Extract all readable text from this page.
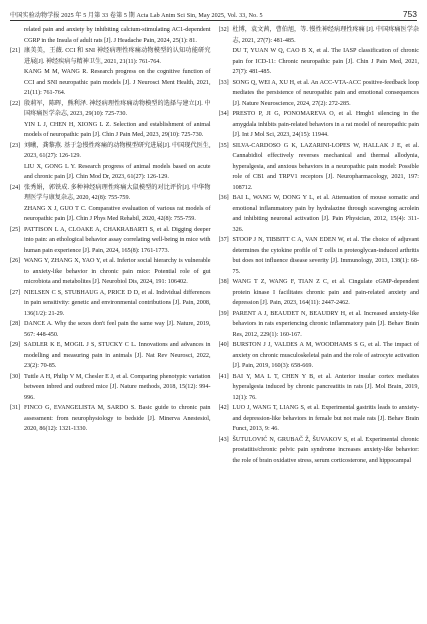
中国实验动物学报 2025 年 5 月第 33 卷第 5 期 Acta Lab Anim Sci Sin, May 2025, Vol. 33, No. 5	753
related pain and anxiety by inhibiting calcium-stimulating AC1-dependent CGRP in the Insula of adult rats [J]. J Headache Pain, 2024, 25(1): 81.
[21] 康美美，王薇. CCI 和 SNI 神经病理性疼痛动物模型的认知功能研究进展[J]. 神经疾病与精神卫生, 2021, 21(11): 761-764.
KANG M M, WANG R. Research progress on the cognitive function of CCI and SNI neuropathic pain models [J]. J Neurosci Ment Health, 2021, 21(11): 761-764.
[22] 殷莉军，陈晖，熊利泽. 神经病理性疼痛动物模型的选择与建立[J]. 中国疼痛医学杂志, 2023, 29(10): 725-730.
YIN L J, CHEN H, XIONG L Z. Selection and establishment of animal models of neuropathic pain [J]. Chin J Pain Med, 2023, 29(10): 725-730.
[23] 刘曦，龚黎燕. 基于急慢性疼痛的动物模型研究进展[J]. 中国现代医生, 2023, 61(27): 126-129.
LIU X, GONG L Y. Research progress of animal models based on acute and chronic pain [J]. Chin Mod Dr, 2023, 61(27): 126-129.
[24] 张秀娟，郭铁成. 多种神经病理性疼痛大鼠模型的对比评价[J]. 中华物理医学与康复杂志, 2020, 42(8): 755-759.
ZHANG X J, GUO T C. Comparative evaluation of various rat models of neuropathic pain [J]. Chin J Phys Med Rehabil, 2020, 42(8): 755-759.
[25] PATTISON L A, CLOAKE A, CHAKRABARTI S, et al. Digging deeper into pain: an ethological behavior assay correlating well-being in mice with human pain experience [J]. Pain, 2024, 165(8): 1761-1773.
[26] WANG Y, ZHANG X, YAO Y, et al. Inferior social hierarchy is vulnerable to anxiety-like behavior in chronic pain mice: Potential role of gut microbiota and metabolites [J]. Neurobiol Dis, 2024, 191: 106402.
[27] NIELSEN C S, STUBHAUG A, PRICE D D, et al. Individual differences in pain sensitivity: genetic and environmental contributions [J]. Pain, 2008, 136(1/2): 21-29.
[28] DANCE A. Why the sexes don't feel pain the same way [J]. Nature, 2019, 567: 448-450.
[29] SADLER K E, MOGIL J S, STUCKY C L. Innovations and advances in modelling and measuring pain in animals [J]. Nat Rev Neurosci, 2022, 23(2): 70-85.
[30] Tuttle A H, Philip V M, Chesler E J, et al. Comparing phenotypic variation between inbred and outbred mice [J]. Nature methods, 2018, 15(12): 994-996.
[31] FINCO G, EVANGELISTA M, SARDO S. Basic guide to chronic pain assessment: from neurophysiology to bedside [J]. Minerva Anestesiol, 2020, 86(12): 1321-1330.
[32] 杜博，袁文茜，曹伯旭，等. 慢性神经病理性疼痛 [J]. 中国疼痛医学杂志, 2021, 27(7): 481-485.
DU T, YUAN W Q, CAO B X, et al. The IASP classification of chronic pain for ICD-11: Chronic neuropathic pain [J]. Chin J Pain Med, 2021, 27(7): 481-485.
[33] SONG Q, WEI A, XU H, et al. An ACC-VTA-ACC positive-feedback loop mediates the persistence of neuropathic pain and emotional consequences [J]. Nature Neuroscience, 2024, 27(2): 272-285.
[34] PRESTO P, JI G, PONOMAREVA O, et al. Hmgb1 silencing in the amygdala inhibits pain-related behaviors in a rat model of neuropathic pain [J]. Int J Mol Sci, 2023, 24(15): 11944.
[35] SILVA-CARDOSO G K, LAZARINI-LOPES W, HALLAK J E, et al. Cannabidiol effectively reverses mechanical and thermal allodynia, hyperalgesia, and anxious behaviors in a neuropathic pain model: Possible role of CB1 and TRPV1 receptors [J]. Neuropharmacology, 2021, 197: 108712.
[36] BAI L, WANG W, DONG Y L, et al. Attenuation of mouse somatic and emotional inflammatory pain by hydralazine through scavenging acrolein and inhibiting neuronal activation [J]. Pain Physician, 2012, 15(4): 311-326.
[37] STOOP J N, TIBBITT C A, VAN EDEN W, et al. The choice of adjuvant determines the cytokine profile of T cells in proteoglycan-induced arthritis but does not influence disease severity [J]. Immunology, 2013, 138(1): 68-75.
[38] WANG T Z, WANG F, TIAN Z C, et al. Cingulate cGMP-dependent protein kinase I facilitates chronic pain and pain-related anxiety and depression [J]. Pain, 2023, 164(11): 2447-2462.
[39] PARENT A J, BEAUDET N, BEAUDRY H, et al. Increased anxiety-like behaviors in rats experiencing chronic inflammatory pain [J]. Behav Brain Res, 2012, 229(1): 160-167.
[40] BURSTON J J, VALDES A M, WOODHAMS S G, et al. The impact of anxiety on chronic musculoskeletal pain and the role of astrocyte activation [J]. Pain, 2019, 160(3): 658-669.
[41] BAI Y, MA L T, CHEN Y B, et al. Anterior insular cortex mediates hyperalgesia induced by chronic pancreatitis in rats [J]. Mol Brain, 2019, 12(1): 76.
[42] LUO J, WANG T, LIANG S, et al. Experimental gastritis leads to anxiety- and depression-like behaviors in female but not male rats [J]. Behav Brain Funct, 2013, 9: 46.
[43] ŠUTULOVIĆ N, GRUBAČ Ž, ŠUVAKOV S, et al. Experimental chronic prostatitis/chronic pelvic pain syndrome increases anxiety-like behavior: the role of brain oxidative stress, serum corticosterone, and hippocampal
